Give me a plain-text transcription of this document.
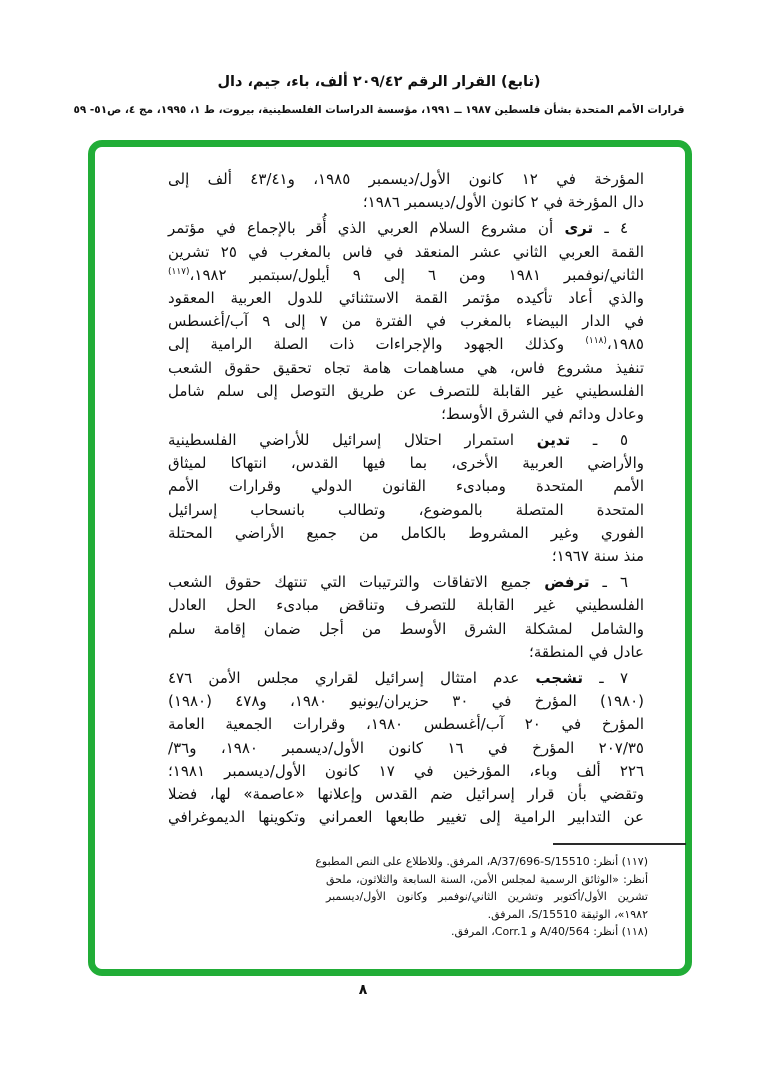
(تابع) القرار الرقم ٢٠٩/٤٢ ألف، باء، جيم، دال
قرارات الأمم المتحدة بشأن فلسطين ١٩٨٧ ــ ١٩٩١، مؤسسة الدراسات الفلسطينية، بيروت، ط ١، ١٩٩٥، مج ٤، ص٥١- ٥٩
المؤرخة في ١٢ كانون الأول/ديسمبر ١٩٨٥، و٤٣/٤١ ألف إلى
دال المؤرخة في ٢ كانون الأول/ديسمبر ١٩٨٦؛
٤ ـ ترى أن مشروع السلام العربي الذي أُقر بالإجماع في مؤتمر
القمة العربي الثاني عشر المنعقد في فاس بالمغرب في ٢٥ تشرين
الثاني/نوفمبر ١٩٨١ ومن ٦ إلى ٩ أيلول/سبتمبر ١٩٨٢،$^{(١١٧)}$
والذي أعاد تأكيده مؤتمر القمة الاستثنائي للدول العربية المعقود
في الدار البيضاء بالمغرب في الفترة من ٧ إلى ٩ آب/أغسطس
١٩٨٥،$^{(١١٨)}$ وكذلك الجهود والإجراءات ذات الصلة الرامية إلى
تنفيذ مشروع فاس، هي مساهمات هامة تجاه تحقيق حقوق الشعب
الفلسطيني غير القابلة للتصرف عن طريق التوصل إلى سلم شامل
وعادل ودائم في الشرق الأوسط؛
٥ ـ تدين استمرار احتلال إسرائيل للأراضي الفلسطينية
والأراضي العربية الأخرى، بما فيها القدس، انتهاكا لميثاق
الأمم المتحدة ومبادىء القانون الدولي وقرارات الأمم
المتحدة المتصلة بالموضوع، وتطالب بانسحاب إسرائيل
الفوري وغير المشروط بالكامل من جميع الأراضي المحتلة
منذ سنة ١٩٦٧؛
٦ ـ ترفض جميع الاتفاقات والترتيبات التي تنتهك حقوق الشعب
الفلسطيني غير القابلة للتصرف وتناقض مبادىء الحل العادل
والشامل لمشكلة الشرق الأوسط من أجل ضمان إقامة سلم
عادل في المنطقة؛
٧ ـ تشجب عدم امتثال إسرائيل لقراري مجلس الأمن ٤٧٦
(١٩٨٠) المؤرخ في ٣٠ حزيران/يونيو ١٩٨٠، و٤٧٨ (١٩٨٠)
المؤرخ في ٢٠ آب/أغسطس ١٩٨٠، وقرارات الجمعية العامة
٢٠٧/٣٥ المؤرخ في ١٦ كانون الأول/ديسمبر ١٩٨٠، و٣٦/
٢٢٦ ألف وباء، المؤرخين في ١٧ كانون الأول/ديسمبر ١٩٨١؛
وتقضي بأن قرار إسرائيل ضم القدس وإعلانها «عاصمة» لها، فضلا
عن التدابير الرامية إلى تغيير طابعها العمراني وتكوينها الديموغرافي
(١١٧) أنظر: A/37/696-S/15510، المرفق. وللاطلاع على النص المطبوع
أنظر: «الوثائق الرسمية لمجلس الأمن، السنة السابعة والثلاثون، ملحق
تشرين الأول/أكتوبر وتشرين الثاني/نوفمبر وكانون الأول/ديسمبر
١٩٨٢»، الوثيقة S/15510، المرفق.
(١١٨) أنظر: A/40/564 و Corr.1، المرفق.
٨
